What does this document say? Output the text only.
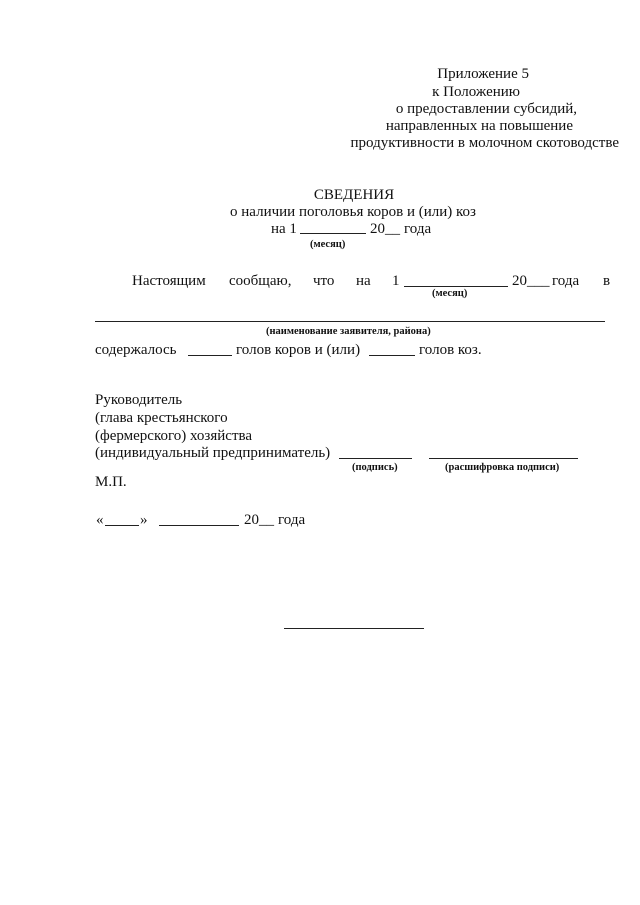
Приложение 5
к Положению
о предоставлении субсидий,
направленных на повышение
продуктивности в молочном скотоводстве
СВЕДЕНИЯ
о наличии поголовья коров и (или) коз
на 1	20__ года
(месяц)
Настоящим сообщаю, что на 1	20___ года в
(месяц)
(наименование заявителя, района)
содержалось	голов коров и (или)	голов коз.
Руководитель
(глава крестьянского
(фермерского) хозяйства
(индивидуальный предприниматель)
(подпись)	(расшифровка подписи)
М.П.
« »	20__ года
